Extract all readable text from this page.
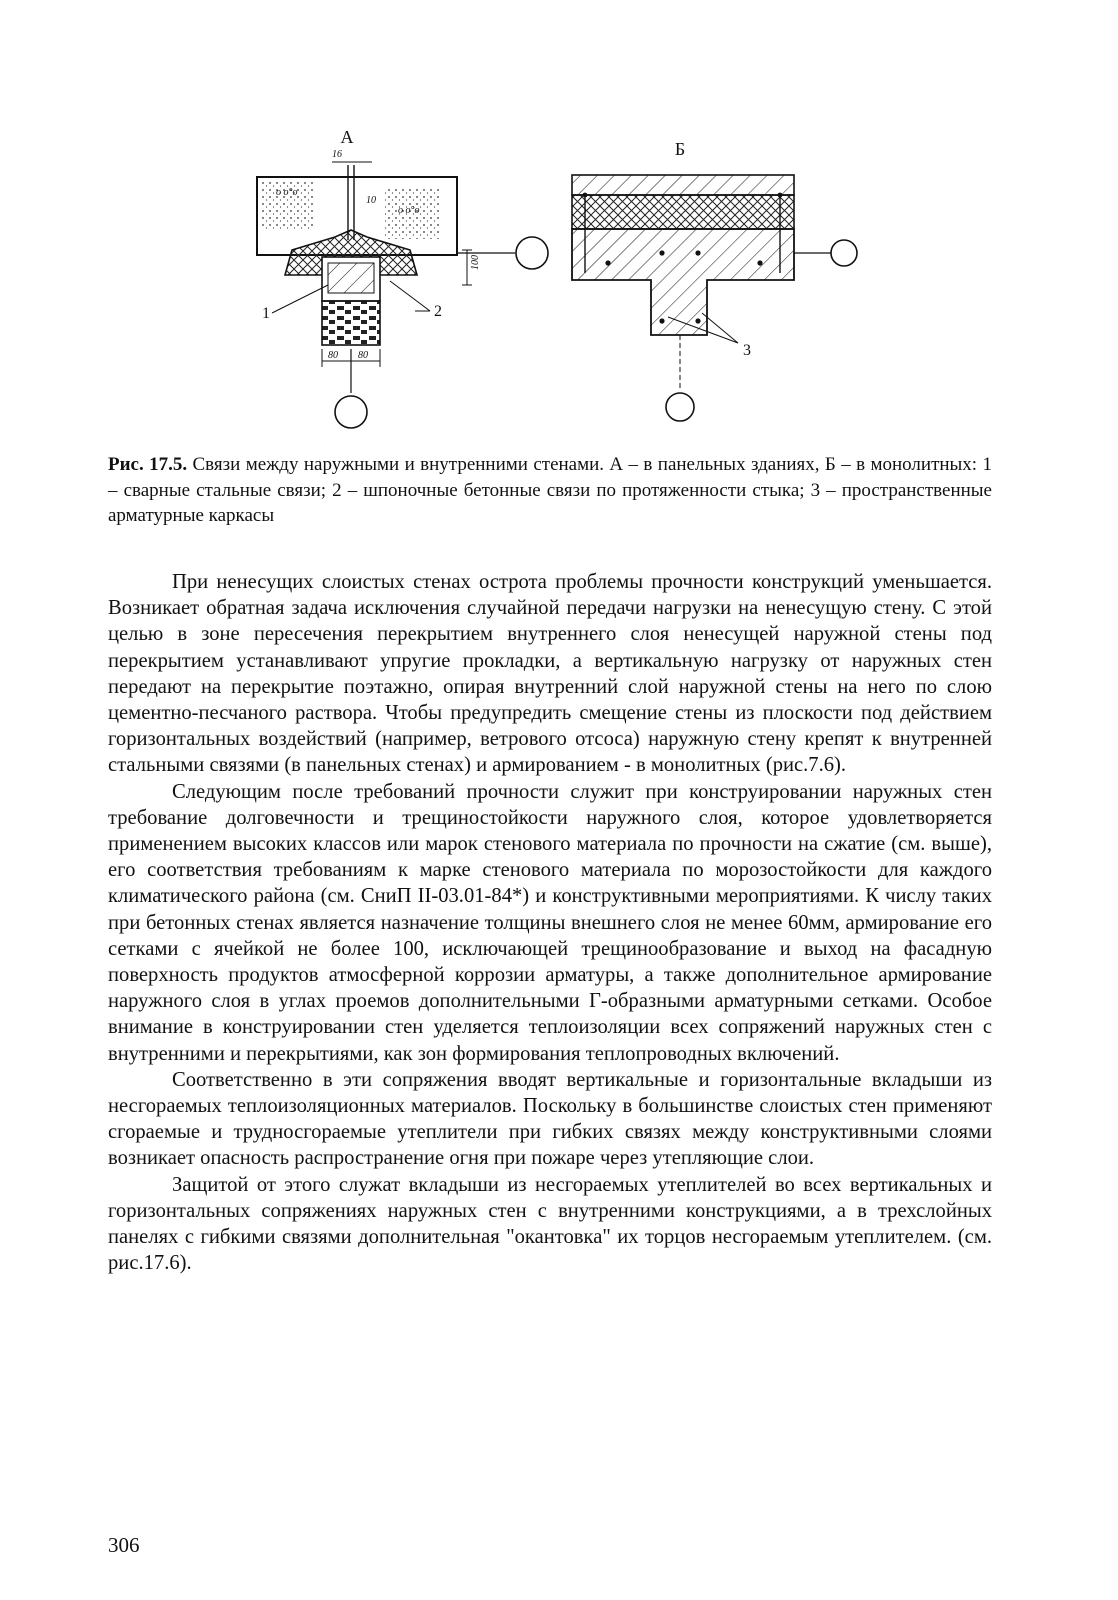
А
o o°o
o o°o
16
10
100
80 80
1	2
Б
3

Рис. 17.5. Связи между наружными и внутренними стенами. А – в панельных зданиях, Б – в монолитных: 1 – сварные стальные связи; 2 – шпоночные бетонные связи по протяженности стыка; 3 – пространственные арматурные каркасы

При ненесущих слоистых стенах острота проблемы прочности конструкций уменьшается. Возникает обратная задача исключения случайной передачи нагрузки на ненесущую стену. С этой целью в зоне пересечения перекрытием внутреннего слоя ненесущей наружной стены под перекрытием устанавливают упругие прокладки, а вертикальную нагрузку от наружных стен передают на перекрытие поэтажно, опирая внутренний слой наружной стены на него по слою цементно-песчаного раствора. Чтобы предупредить смещение стены из плоскости под действием горизонтальных воздействий (например, ветрового отсоса) наружную стену крепят к внутренней стальными связями (в панельных стенах) и армированием - в монолитных (рис.7.6).

Следующим после требований прочности служит при конструировании наружных стен требование долговечности и трещиностойкости наружного слоя, которое удовлетворяется применением высоких классов или марок стенового материала по прочности на сжатие (см. выше), его соответствия требованиям к марке стенового материала по морозостойкости для каждого климатического района (см. СниП II-03.01-84*) и конструктивными мероприятиями. К числу таких при бетонных стенах является назначение толщины внешнего слоя не менее 60мм, армирование его сетками с ячейкой не более 100, исключающей трещинообразование и выход на фасадную поверхность продуктов атмосферной коррозии арматуры, а также дополнительное армирование наружного слоя в углах проемов дополнительными Г-образными арматурными сетками. Особое внимание в конструировании стен уделяется теплоизоляции всех сопряжений наружных стен с внутренними и перекрытиями, как зон формирования теплопроводных включений.

Соответственно в эти сопряжения вводят вертикальные и горизонтальные вкладыши из несгораемых теплоизоляционных материалов. Поскольку в большинстве слоистых стен применяют сгораемые и трудносгораемые утеплители при гибких связях между конструктивными слоями возникает опасность распространение огня при пожаре через утепляющие слои.

Защитой от этого служат вкладыши из несгораемых утеплителей во всех вертикальных и горизонтальных сопряжениях наружных стен с внутренними конструкциями, а в трехслойных панелях с гибкими связями дополнительная "окантовка" их торцов несгораемым утеплителем. (см. рис.17.6).

306
